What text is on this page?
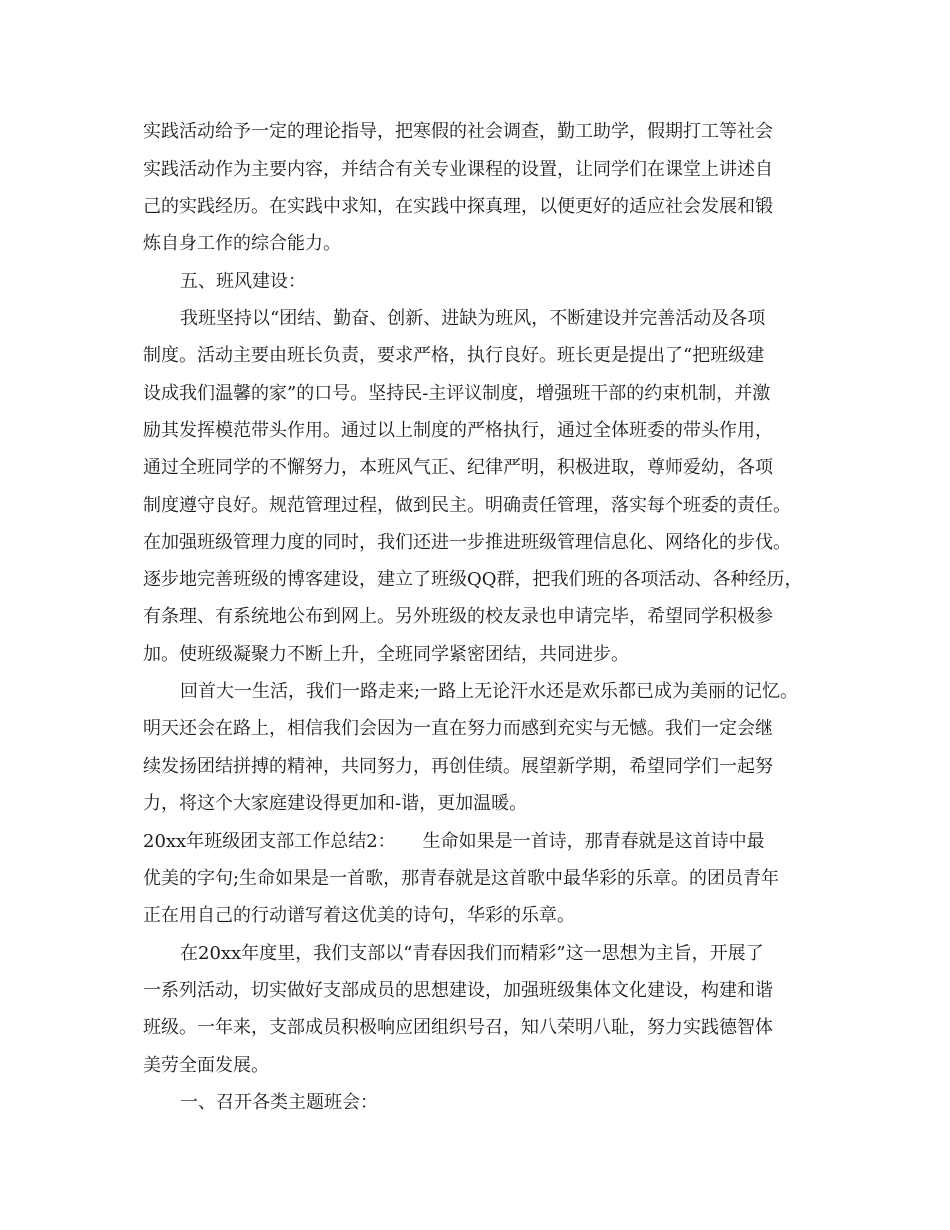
实践活动给予一定的理论指导，把寒假的社会调查，勤工助学，假期打工等社会
实践活动作为主要内容，并结合有关专业课程的设置，让同学们在课堂上讲述自
己的实践经历。在实践中求知，在实践中探真理，以便更好的适应社会发展和锻
炼自身工作的综合能力。
五、班风建设：
我班坚持以“团结、勤奋、创新、进缺为班风，不断建设并完善活动及各项
制度。活动主要由班长负责，要求严格，执行良好。班长更是提出了“把班级建
设成我们温馨的家”的口号。坚持民-主评议制度，增强班干部的约束机制，并激
励其发挥模范带头作用。通过以上制度的严格执行，通过全体班委的带头作用，
通过全班同学的不懈努力，本班风气正、纪律严明，积极进取，尊师爱幼，各项
制度遵守良好。规范管理过程，做到民主。明确责任管理，落实每个班委的责任。
在加强班级管理力度的同时，我们还进一步推进班级管理信息化、网络化的步伐。
逐步地完善班级的博客建设，建立了班级QQ群，把我们班的各项活动、各种经历，
有条理、有系统地公布到网上。另外班级的校友录也申请完毕，希望同学积极参
加。使班级凝聚力不断上升，全班同学紧密团结，共同进步。
回首大一生活，我们一路走来;一路上无论汗水还是欢乐都已成为美丽的记忆。
明天还会在路上，相信我们会因为一直在努力而感到充实与无憾。我们一定会继
续发扬团结拼搏的精神，共同努力，再创佳绩。展望新学期，希望同学们一起努
力，将这个大家庭建设得更加和-谐，更加温暖。
20xx年班级团支部工作总结2：　　生命如果是一首诗，那青春就是这首诗中最
优美的字句;生命如果是一首歌，那青春就是这首歌中最华彩的乐章。的团员青年
正在用自己的行动谱写着这优美的诗句，华彩的乐章。
在20xx年度里，我们支部以“青春因我们而精彩”这一思想为主旨，开展了
一系列活动，切实做好支部成员的思想建设，加强班级集体文化建设，构建和谐
班级。一年来，支部成员积极响应团组织号召，知八荣明八耻，努力实践德智体
美劳全面发展。
一、召开各类主题班会：
